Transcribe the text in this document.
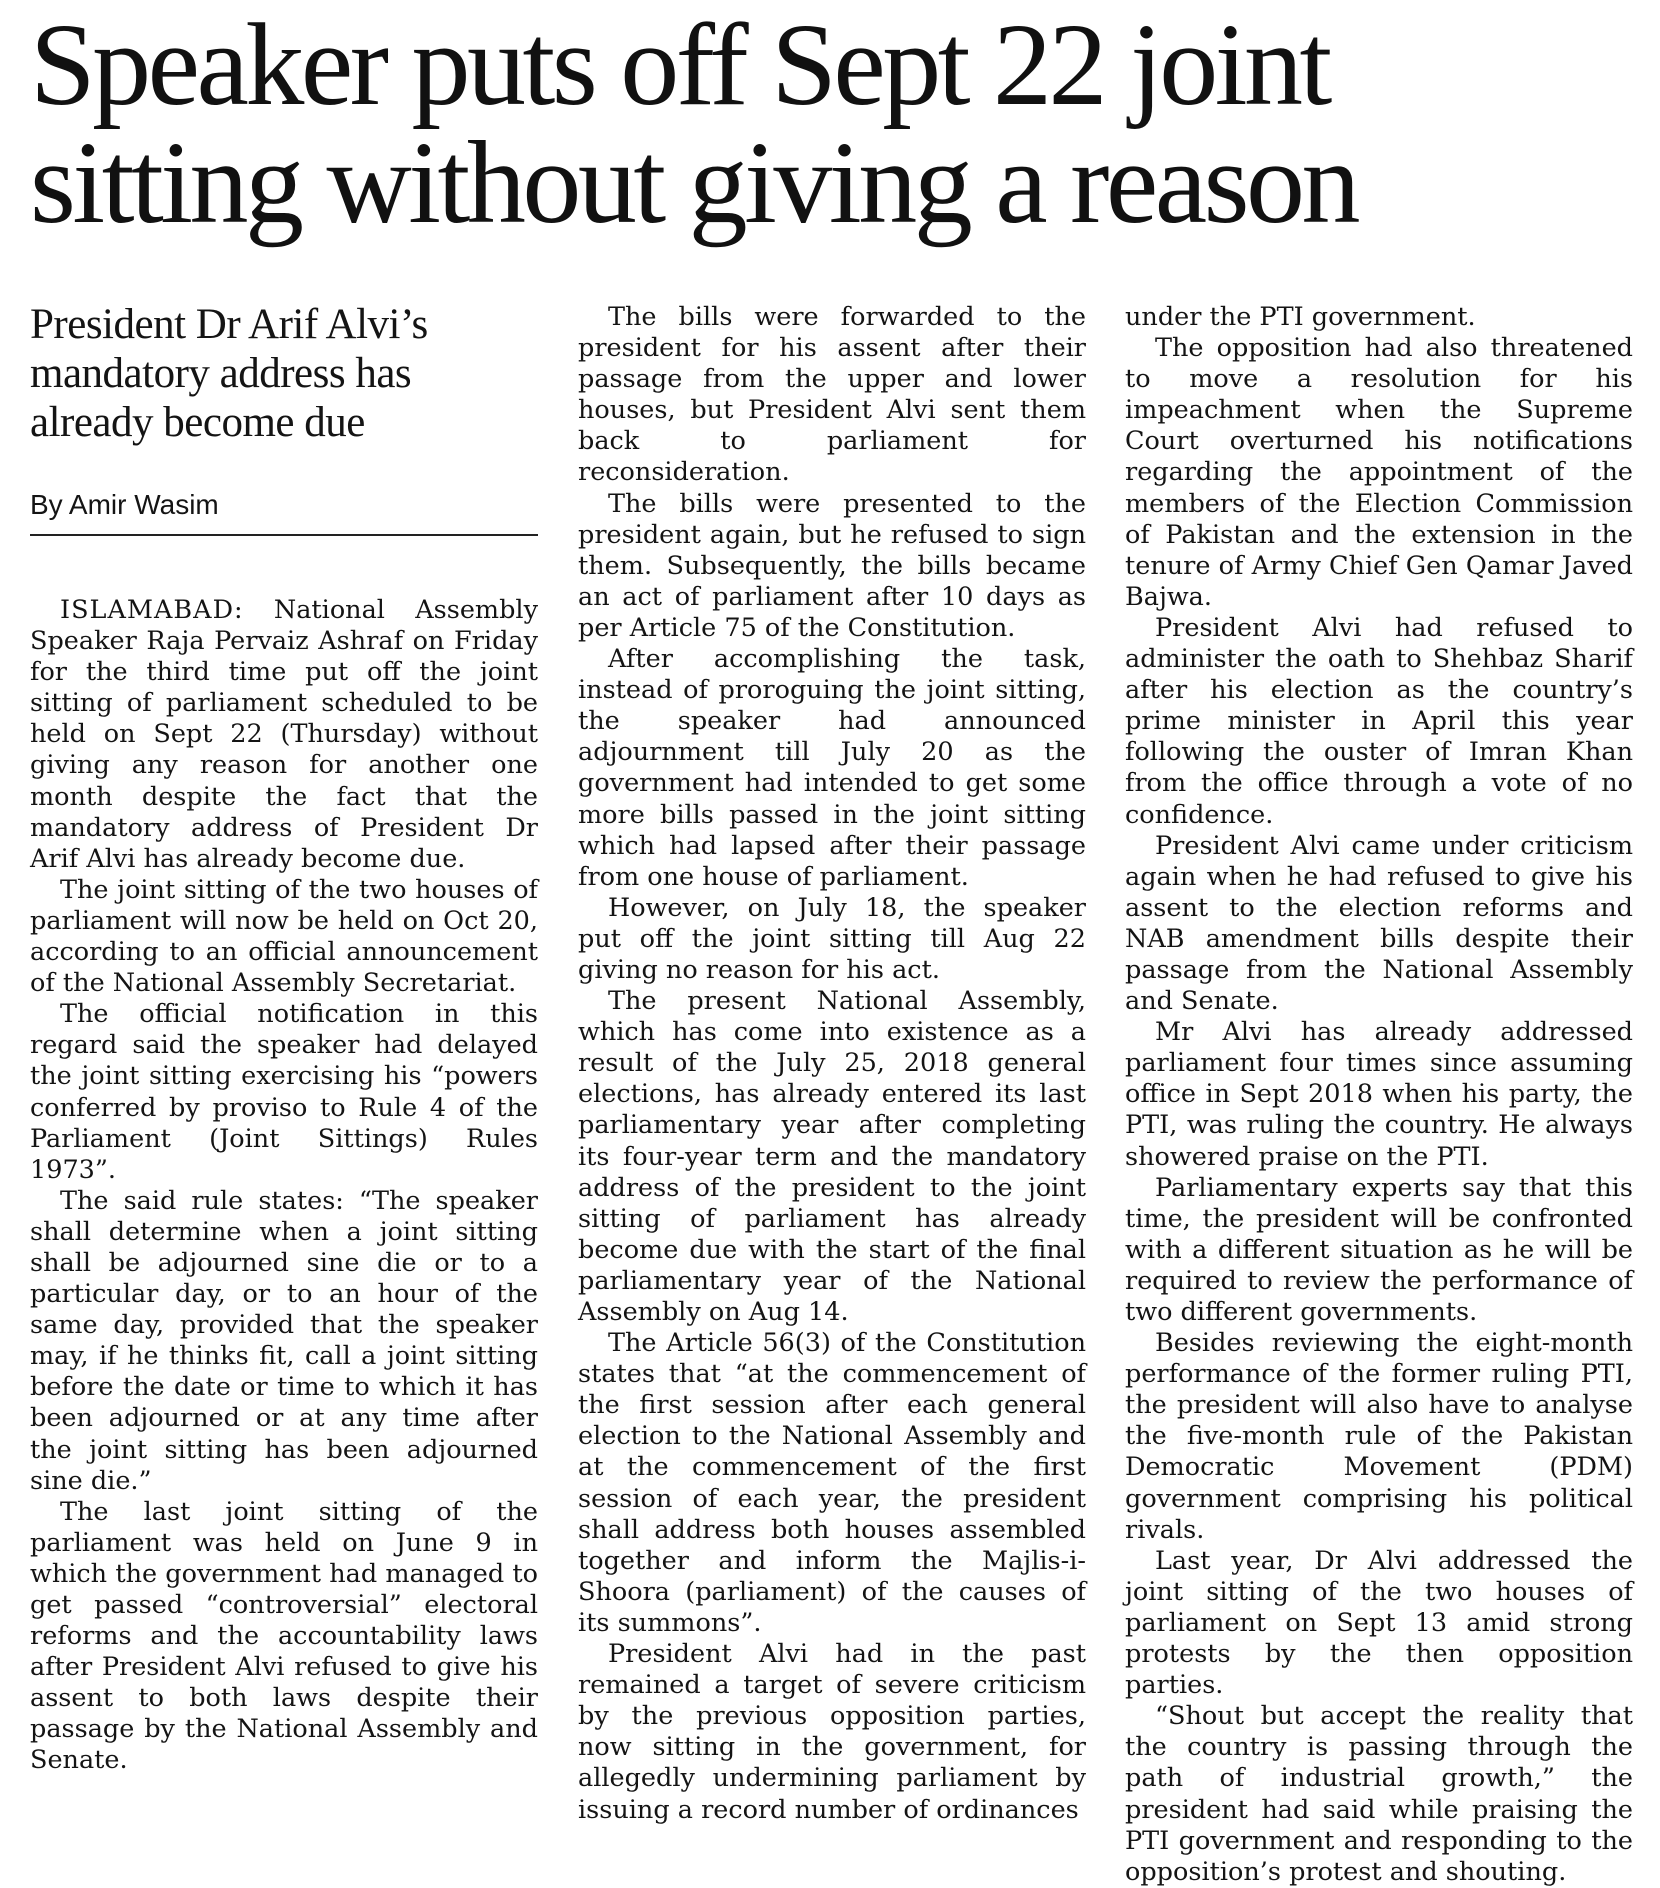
Speaker puts off Sept 22 joint
sitting without giving a reason
President Dr Arif Alvi’s
mandatory address has
already become due

By Amir Wasim

ISLAMABAD: National Assembly Speaker Raja Pervaiz Ashraf on Friday for the third time put off the joint sitting of parliament scheduled to be held on Sept 22 (Thursday) without giving any reason for another one month despite the fact that the mandatory address of President Dr Arif Alvi has already become due.

The joint sitting of the two houses of parliament will now be held on Oct 20, according to an official announcement of the National Assembly Secretariat.

The official notification in this regard said the speaker had delayed the joint sitting exercising his “powers conferred by proviso to Rule 4 of the Parliament (Joint Sittings) Rules 1973”.

The said rule states: “The speaker shall determine when a joint sitting shall be adjourned sine die or to a particular day, or to an hour of the same day, provided that the speaker may, if he thinks fit, call a joint sitting before the date or time to which it has been adjourned or at any time after the joint sitting has been adjourned sine die.”

The last joint sitting of the parliament was held on June 9 in which the government had managed to get passed “controversial” electoral reforms and the accountability laws after President Alvi refused to give his assent to both laws despite their passage by the National Assembly and Senate.

The bills were forwarded to the president for his assent after their passage from the upper and lower houses, but President Alvi sent them back to parliament for reconsideration.

The bills were presented to the president again, but he refused to sign them. Subsequently, the bills became an act of parliament after 10 days as per Article 75 of the Constitution.

After accomplishing the task, instead of proroguing the joint sitting, the speaker had announced adjournment till July 20 as the government had intended to get some more bills passed in the joint sitting which had lapsed after their passage from one house of parliament.

However, on July 18, the speaker put off the joint sitting till Aug 22 giving no reason for his act.

The present National Assembly, which has come into existence as a result of the July 25, 2018 general elections, has already entered its last parliamentary year after completing its four-year term and the mandatory address of the president to the joint sitting of parliament has already become due with the start of the final parliamentary year of the National Assembly on Aug 14.

The Article 56(3) of the Constitution states that “at the commencement of the first session after each general election to the National Assembly and at the commencement of the first session of each year, the president shall address both houses assembled together and inform the Majlis-i-Shoora (parliament) of the causes of its summons”.

President Alvi had in the past remained a target of severe criticism by the previous opposition parties, now sitting in the government, for allegedly undermining parliament by issuing a record number of ordinances

under the PTI government.

The opposition had also threatened to move a resolution for his impeachment when the Supreme Court overturned his notifications regarding the appointment of the members of the Election Commission of Pakistan and the extension in the tenure of Army Chief Gen Qamar Javed Bajwa.

President Alvi had refused to administer the oath to Shehbaz Sharif after his election as the country’s prime minister in April this year following the ouster of Imran Khan from the office through a vote of no confidence.

President Alvi came under criticism again when he had refused to give his assent to the election reforms and NAB amendment bills despite their passage from the National Assembly and Senate.

Mr Alvi has already addressed parliament four times since assuming office in Sept 2018 when his party, the PTI, was ruling the country. He always showered praise on the PTI.

Parliamentary experts say that this time, the president will be confronted with a different situation as he will be required to review the performance of two different governments.

Besides reviewing the eight-month performance of the former ruling PTI, the president will also have to analyse the five-month rule of the Pakistan Democratic Movement (PDM) government comprising his political rivals.

Last year, Dr Alvi addressed the joint sitting of the two houses of parliament on Sept 13 amid strong protests by the then opposition parties.

“Shout but accept the reality that the country is passing through the path of industrial growth,” the president had said while praising the PTI government and responding to the opposition’s protest and shouting.
